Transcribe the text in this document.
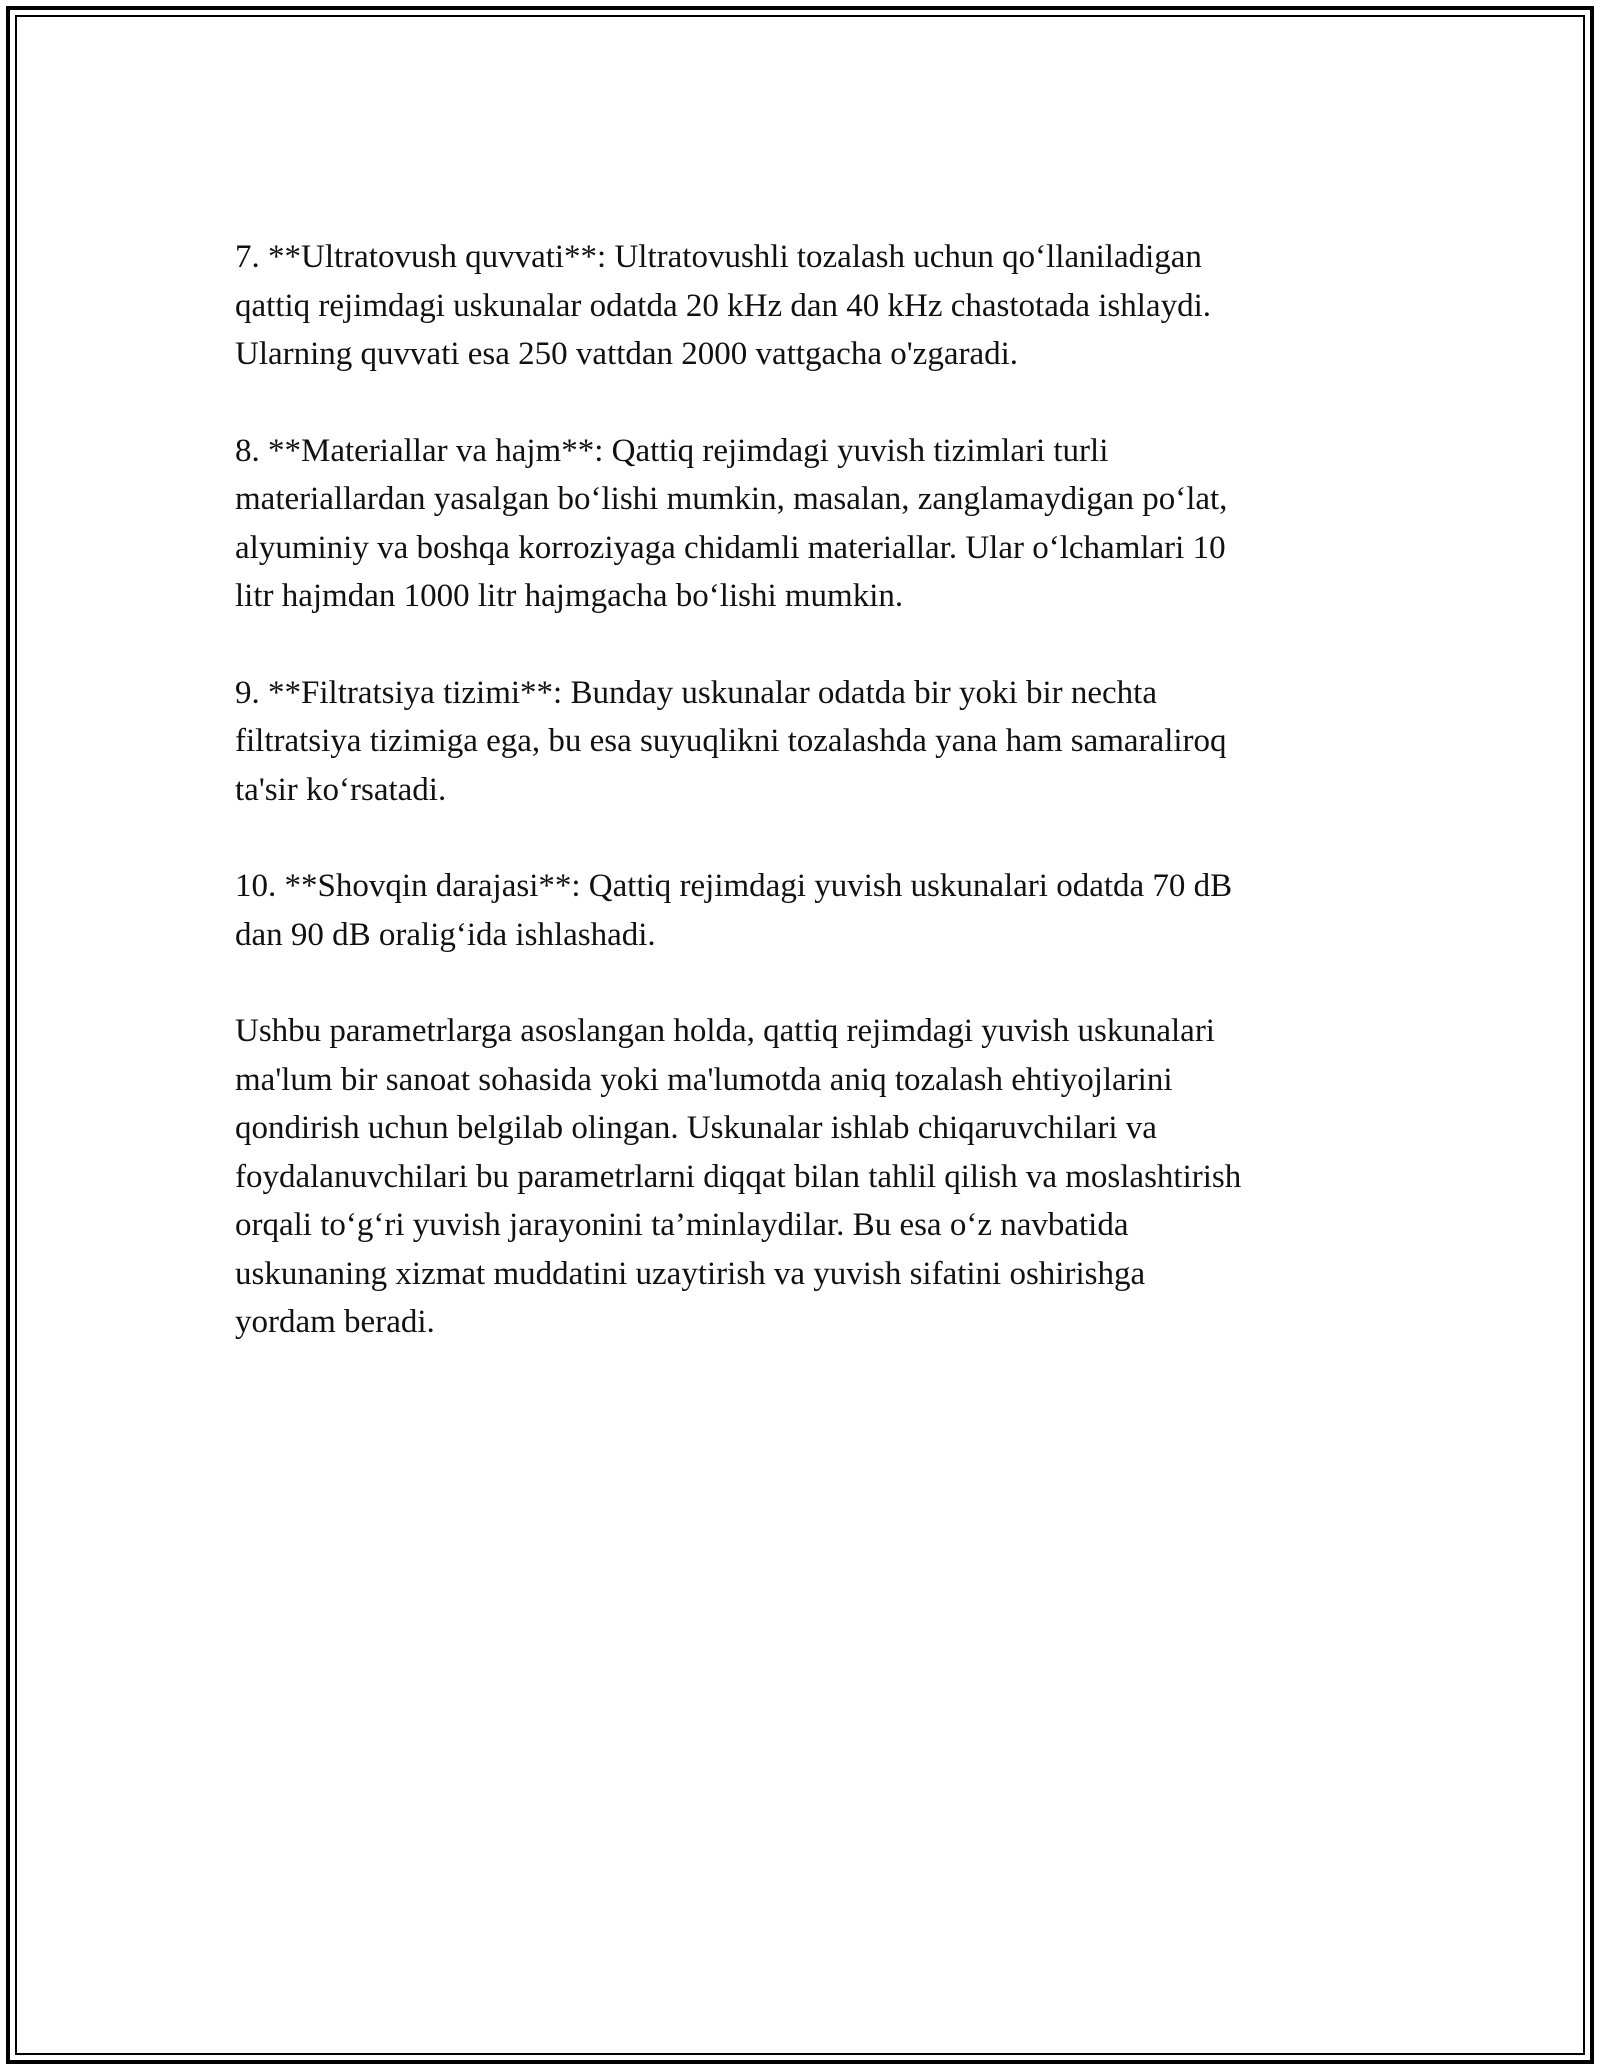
7. **Ultratovush quvvati**: Ultratovushli tozalash uchun qo‘llaniladigan
qattiq rejimdagi uskunalar odatda 20 kHz dan 40 kHz chastotada ishlaydi.
Ularning quvvati esa 250 vattdan 2000 vattgacha o'zgaradi.

8. **Materiallar va hajm**: Qattiq rejimdagi yuvish tizimlari turli
materiallardan yasalgan bo‘lishi mumkin, masalan, zanglamaydigan po‘lat,
alyuminiy va boshqa korroziyaga chidamli materiallar. Ular o‘lchamlari 10
litr hajmdan 1000 litr hajmgacha bo‘lishi mumkin.

9. **Filtratsiya tizimi**: Bunday uskunalar odatda bir yoki bir nechta
filtratsiya tizimiga ega, bu esa suyuqlikni tozalashda yana ham samaraliroq
ta'sir ko‘rsatadi.

10. **Shovqin darajasi**: Qattiq rejimdagi yuvish uskunalari odatda 70 dB
dan 90 dB oralig‘ida ishlashadi.

Ushbu parametrlarga asoslangan holda, qattiq rejimdagi yuvish uskunalari
ma'lum bir sanoat sohasida yoki ma'lumotda aniq tozalash ehtiyojlarini
qondirish uchun belgilab olingan. Uskunalar ishlab chiqaruvchilari va
foydalanuvchilari bu parametrlarni diqqat bilan tahlil qilish va moslashtirish
orqali to‘g‘ri yuvish jarayonini ta’minlaydilar. Bu esa o‘z navbatida
uskunaning xizmat muddatini uzaytirish va yuvish sifatini oshirishga
yordam beradi.
